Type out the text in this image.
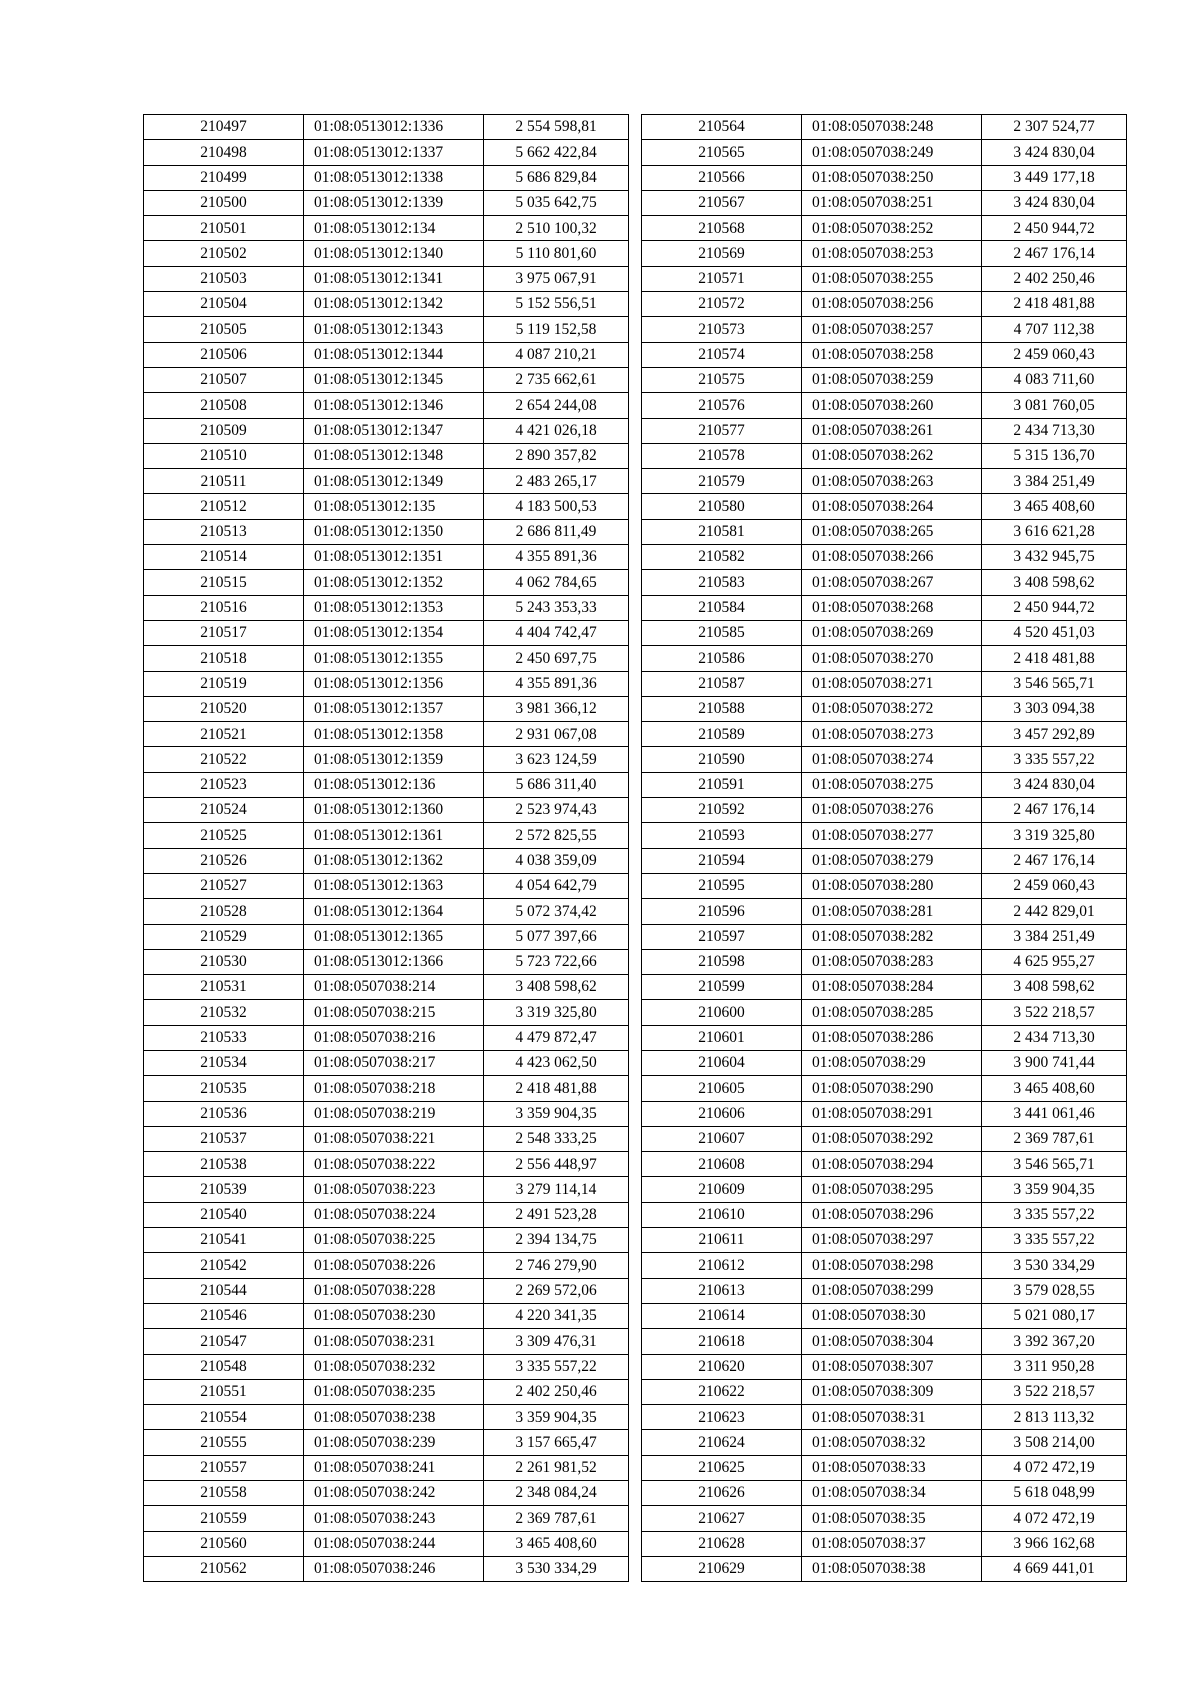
210497	01:08:0513012:1336	2 554 598,81
210498	01:08:0513012:1337	5 662 422,84
210499	01:08:0513012:1338	5 686 829,84
210500	01:08:0513012:1339	5 035 642,75
210501	01:08:0513012:134	2 510 100,32
210502	01:08:0513012:1340	5 110 801,60
210503	01:08:0513012:1341	3 975 067,91
210504	01:08:0513012:1342	5 152 556,51
210505	01:08:0513012:1343	5 119 152,58
210506	01:08:0513012:1344	4 087 210,21
210507	01:08:0513012:1345	2 735 662,61
210508	01:08:0513012:1346	2 654 244,08
210509	01:08:0513012:1347	4 421 026,18
210510	01:08:0513012:1348	2 890 357,82
210511	01:08:0513012:1349	2 483 265,17
210512	01:08:0513012:135	4 183 500,53
210513	01:08:0513012:1350	2 686 811,49
210514	01:08:0513012:1351	4 355 891,36
210515	01:08:0513012:1352	4 062 784,65
210516	01:08:0513012:1353	5 243 353,33
210517	01:08:0513012:1354	4 404 742,47
210518	01:08:0513012:1355	2 450 697,75
210519	01:08:0513012:1356	4 355 891,36
210520	01:08:0513012:1357	3 981 366,12
210521	01:08:0513012:1358	2 931 067,08
210522	01:08:0513012:1359	3 623 124,59
210523	01:08:0513012:136	5 686 311,40
210524	01:08:0513012:1360	2 523 974,43
210525	01:08:0513012:1361	2 572 825,55
210526	01:08:0513012:1362	4 038 359,09
210527	01:08:0513012:1363	4 054 642,79
210528	01:08:0513012:1364	5 072 374,42
210529	01:08:0513012:1365	5 077 397,66
210530	01:08:0513012:1366	5 723 722,66
210531	01:08:0507038:214	3 408 598,62
210532	01:08:0507038:215	3 319 325,80
210533	01:08:0507038:216	4 479 872,47
210534	01:08:0507038:217	4 423 062,50
210535	01:08:0507038:218	2 418 481,88
210536	01:08:0507038:219	3 359 904,35
210537	01:08:0507038:221	2 548 333,25
210538	01:08:0507038:222	2 556 448,97
210539	01:08:0507038:223	3 279 114,14
210540	01:08:0507038:224	2 491 523,28
210541	01:08:0507038:225	2 394 134,75
210542	01:08:0507038:226	2 746 279,90
210544	01:08:0507038:228	2 269 572,06
210546	01:08:0507038:230	4 220 341,35
210547	01:08:0507038:231	3 309 476,31
210548	01:08:0507038:232	3 335 557,22
210551	01:08:0507038:235	2 402 250,46
210554	01:08:0507038:238	3 359 904,35
210555	01:08:0507038:239	3 157 665,47
210557	01:08:0507038:241	2 261 981,52
210558	01:08:0507038:242	2 348 084,24
210559	01:08:0507038:243	2 369 787,61
210560	01:08:0507038:244	3 465 408,60
210562	01:08:0507038:246	3 530 334,29
210564	01:08:0507038:248	2 307 524,77
210565	01:08:0507038:249	3 424 830,04
210566	01:08:0507038:250	3 449 177,18
210567	01:08:0507038:251	3 424 830,04
210568	01:08:0507038:252	2 450 944,72
210569	01:08:0507038:253	2 467 176,14
210571	01:08:0507038:255	2 402 250,46
210572	01:08:0507038:256	2 418 481,88
210573	01:08:0507038:257	4 707 112,38
210574	01:08:0507038:258	2 459 060,43
210575	01:08:0507038:259	4 083 711,60
210576	01:08:0507038:260	3 081 760,05
210577	01:08:0507038:261	2 434 713,30
210578	01:08:0507038:262	5 315 136,70
210579	01:08:0507038:263	3 384 251,49
210580	01:08:0507038:264	3 465 408,60
210581	01:08:0507038:265	3 616 621,28
210582	01:08:0507038:266	3 432 945,75
210583	01:08:0507038:267	3 408 598,62
210584	01:08:0507038:268	2 450 944,72
210585	01:08:0507038:269	4 520 451,03
210586	01:08:0507038:270	2 418 481,88
210587	01:08:0507038:271	3 546 565,71
210588	01:08:0507038:272	3 303 094,38
210589	01:08:0507038:273	3 457 292,89
210590	01:08:0507038:274	3 335 557,22
210591	01:08:0507038:275	3 424 830,04
210592	01:08:0507038:276	2 467 176,14
210593	01:08:0507038:277	3 319 325,80
210594	01:08:0507038:279	2 467 176,14
210595	01:08:0507038:280	2 459 060,43
210596	01:08:0507038:281	2 442 829,01
210597	01:08:0507038:282	3 384 251,49
210598	01:08:0507038:283	4 625 955,27
210599	01:08:0507038:284	3 408 598,62
210600	01:08:0507038:285	3 522 218,57
210601	01:08:0507038:286	2 434 713,30
210604	01:08:0507038:29	3 900 741,44
210605	01:08:0507038:290	3 465 408,60
210606	01:08:0507038:291	3 441 061,46
210607	01:08:0507038:292	2 369 787,61
210608	01:08:0507038:294	3 546 565,71
210609	01:08:0507038:295	3 359 904,35
210610	01:08:0507038:296	3 335 557,22
210611	01:08:0507038:297	3 335 557,22
210612	01:08:0507038:298	3 530 334,29
210613	01:08:0507038:299	3 579 028,55
210614	01:08:0507038:30	5 021 080,17
210618	01:08:0507038:304	3 392 367,20
210620	01:08:0507038:307	3 311 950,28
210622	01:08:0507038:309	3 522 218,57
210623	01:08:0507038:31	2 813 113,32
210624	01:08:0507038:32	3 508 214,00
210625	01:08:0507038:33	4 072 472,19
210626	01:08:0507038:34	5 618 048,99
210627	01:08:0507038:35	4 072 472,19
210628	01:08:0507038:37	3 966 162,68
210629	01:08:0507038:38	4 669 441,01
